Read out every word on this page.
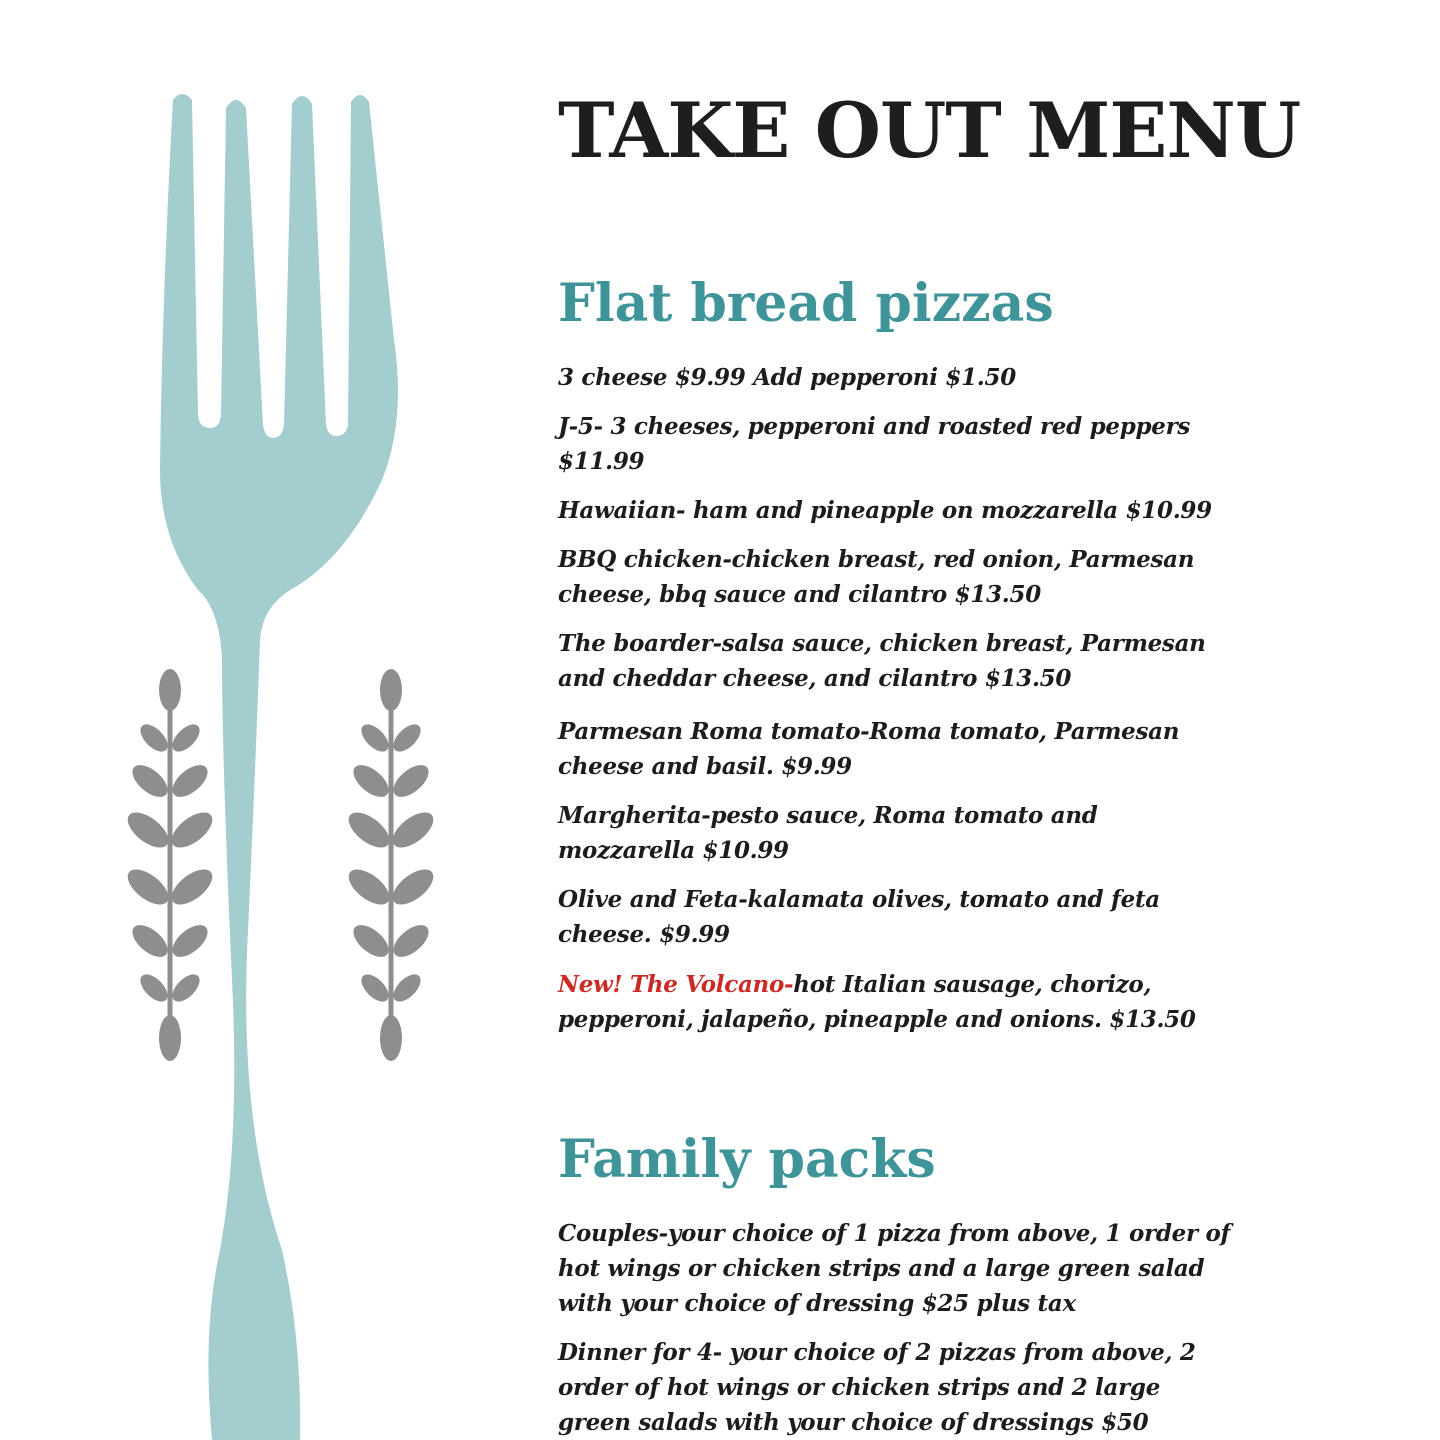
TAKE OUT MENU
Flat bread pizzas

3 cheese $9.99 Add pepperoni $1.50

J-5- 3 cheeses, pepperoni and roasted red peppers
$11.99

Hawaiian- ham and pineapple on mozzarella $10.99

BBQ chicken-chicken breast, red onion, Parmesan
cheese, bbq sauce and cilantro $13.50

The boarder-salsa sauce, chicken breast, Parmesan
and cheddar cheese, and cilantro $13.50

Parmesan Roma tomato-Roma tomato, Parmesan
cheese and basil. $9.99

Margherita-pesto sauce, Roma tomato and
mozzarella $10.99

Olive and Feta-kalamata olives, tomato and feta
cheese. $9.99

New! The Volcano-hot Italian sausage, chorizo,
pepperoni, jalapeño, pineapple and onions. $13.50

Family packs

Couples-your choice of 1 pizza from above, 1 order of
hot wings or chicken strips and a large green salad
with your choice of dressing $25 plus tax

Dinner for 4- your choice of 2 pizzas from above, 2
order of hot wings or chicken strips and 2 large
green salads with your choice of dressings $50
